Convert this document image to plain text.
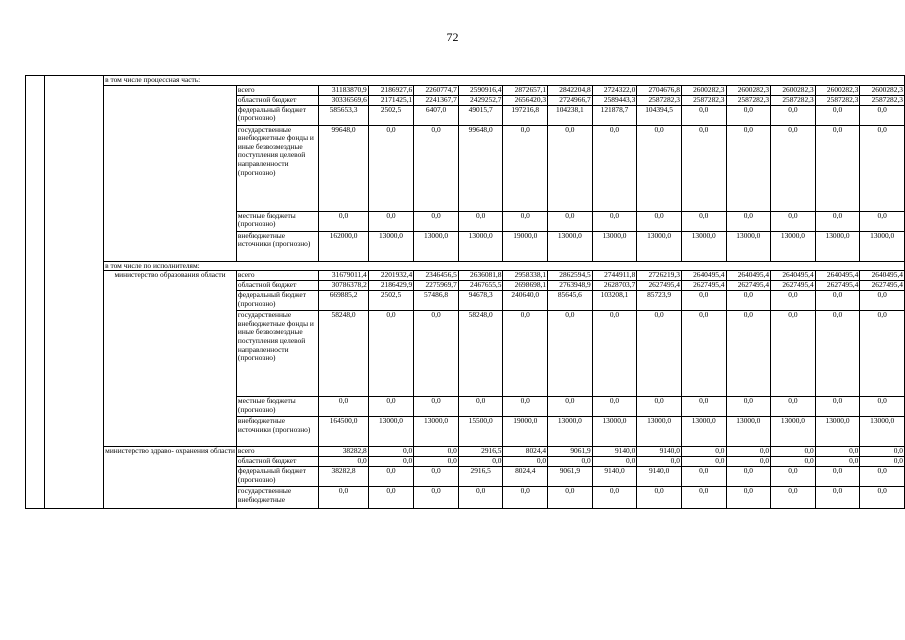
72
		в том числе процессная часть:														
			всего	31183870,9	2186927,6	2260774,7	2590916,4	2872657,1	2842204,8	2724322,0	2704676,8	2600282,3	2600282,3	2600282,3	2600282,3	2600282,3
			областной бюджет	30336569,6	2171425,1	2241367,7	2429252,7	2656420,3	2724966,7	2589443,3	2587282,3	2587282,3	2587282,3	2587282,3	2587282,3	2587282,3
			федеральный бюджет (прогнозно)	585653,3	2502,5	6407,0	49015,7	197216,8	104238,1	121878,7	104394,5	0,0	0,0	0,0	0,0	0,0
			государственные внебюджетные фонды и иные безвозмездные поступления целевой направленности (прогнозно)	99648,0	0,0	0,0	99648,0	0,0	0,0	0,0	0,0	0,0	0,0	0,0	0,0	0,0
			местные бюджеты (прогнозно)	0,0	0,0	0,0	0,0	0,0	0,0	0,0	0,0	0,0	0,0	0,0	0,0	0,0
			внебюджетные источники (прогнозно)	162000,0	13000,0	13000,0	13000,0	19000,0	13000,0	13000,0	13000,0	13000,0	13000,0	13000,0	13000,0	13000,0
		в том числе по исполнителям:														
		министерство образования области	всего	31679011,4	2201932,4	2346456,5	2636081,8	2958338,1	2862594,5	2744911,8	2726219,3	2640495,4	2640495,4	2640495,4	2640495,4	2640495,4
			областной бюджет	30786378,2	2186429,9	2275969,7	2467655,5	2698698,1	2763948,9	2628703,7	2627495,4	2627495,4	2627495,4	2627495,4	2627495,4	2627495,4
			федеральный бюджет (прогнозно)	669885,2	2502,5	57486,8	94678,3	240640,0	85645,6	103208,1	85723,9	0,0	0,0	0,0	0,0	0,0
			государственные внебюджетные фонды и иные безвозмездные поступления целевой направленности (прогнозно)	58248,0	0,0	0,0	58248,0	0,0	0,0	0,0	0,0	0,0	0,0	0,0	0,0	0,0
			местные бюджеты (прогнозно)	0,0	0,0	0,0	0,0	0,0	0,0	0,0	0,0	0,0	0,0	0,0	0,0	0,0
			внебюджетные источники (прогнозно)	164500,0	13000,0	13000,0	15500,0	19000,0	13000,0	13000,0	13000,0	13000,0	13000,0	13000,0	13000,0	13000,0
		министерство здраво- охранения области	всего	38282,8	0,0	0,0	2916,5	8024,4	9061,9	9140,0	9140,0	0,0	0,0	0,0	0,0	0,0
			областной бюджет	0,0	0,0	0,0	0,0	0,0	0,0	0,0	0,0	0,0	0,0	0,0	0,0	0,0
			федеральный бюджет (прогнозно)	38282,8	0,0	0,0	2916,5	8024,4	9061,9	9140,0	9140,0	0,0	0,0	0,0	0,0	0,0
			государственные внебюджетные	0,0	0,0	0,0	0,0	0,0	0,0	0,0	0,0	0,0	0,0	0,0	0,0	0,0
